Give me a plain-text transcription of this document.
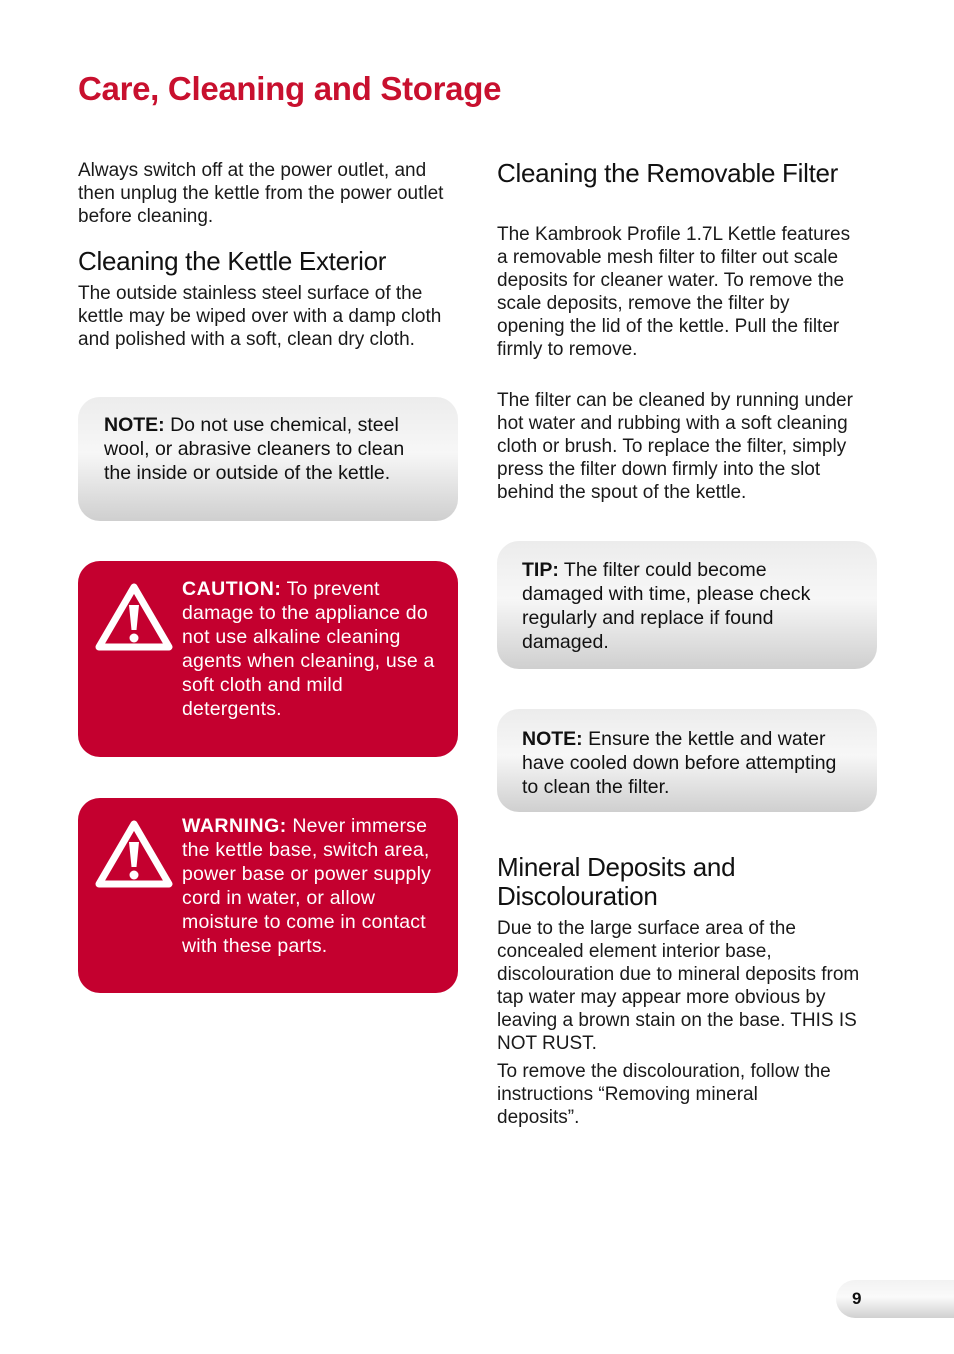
Care, Cleaning and Storage

Always switch off at the power outlet, and then unplug the kettle from the power outlet before cleaning.

Cleaning the Kettle Exterior

The outside stainless steel surface of the kettle may be wiped over with a damp cloth and polished with a soft, clean dry cloth.

NOTE: Do not use chemical, steel wool, or abrasive cleaners to clean the inside or outside of the kettle.

CAUTION: To prevent damage to the appliance do not use alkaline cleaning agents when cleaning, use a soft cloth and mild detergents.

WARNING: Never immerse the kettle base, switch area, power base or power supply cord in water, or allow moisture to come in contact with these parts.

Cleaning the Removable Filter

The Kambrook Profile 1.7L Kettle features a removable mesh filter to filter out scale deposits for cleaner water. To remove the scale deposits, remove the filter by opening the lid of the kettle. Pull the filter firmly to remove.

The filter can be cleaned by running under hot water and rubbing with a soft cleaning cloth or brush. To replace the filter, simply press the filter down firmly into the slot behind the spout of the kettle.

TIP: The filter could become damaged with time, please check regularly and replace if found damaged.

NOTE: Ensure the kettle and water have cooled down before attempting to clean the filter.

Mineral Deposits and Discolouration

Due to the large surface area of the concealed element interior base, discolouration due to mineral deposits from tap water may appear more obvious by leaving a brown stain on the base. THIS IS NOT RUST.

To remove the discolouration, follow the instructions “Removing mineral deposits”.

9
